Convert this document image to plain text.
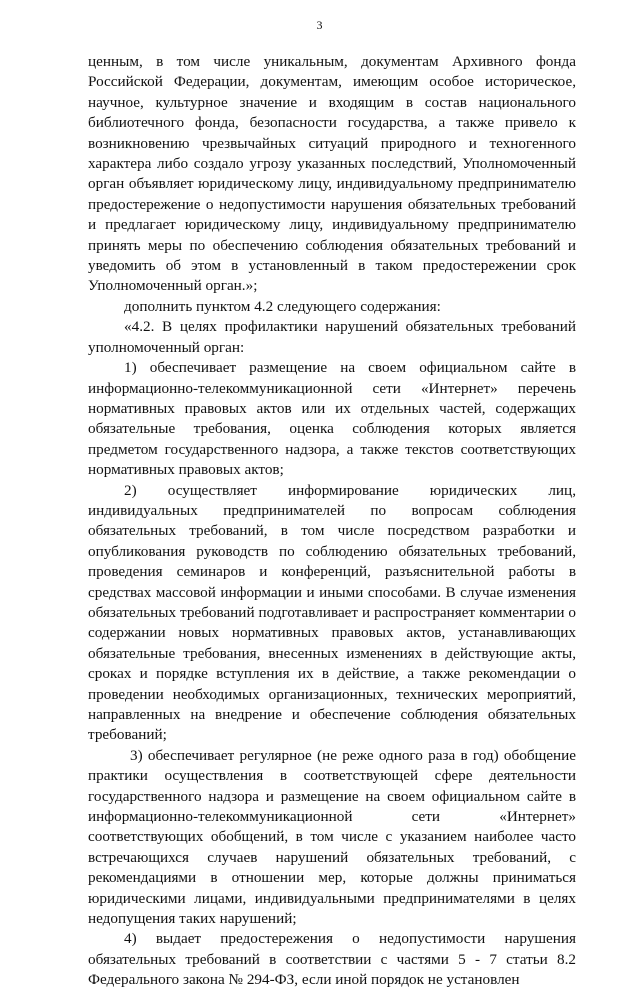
3

ценным, в том числе уникальным, документам Архивного фонда Российской Федерации, документам, имеющим особое историческое, научное, культурное значение и входящим в состав национального библиотечного фонда, безопасности государства, а также привело к возникновению чрезвычайных ситуаций природного и техногенного характера либо создало угрозу указанных последствий, Уполномоченный орган объявляет юридическому лицу, индивидуальному предпринимателю предостережение о недопустимости нарушения обязательных требований и предлагает юридическому лицу, индивидуальному предпринимателю принять меры по обеспечению соблюдения обязательных требований и уведомить об этом в установленный в таком предостережении срок Уполномоченный орган.»;

дополнить пунктом 4.2 следующего содержания:

«4.2. В целях профилактики нарушений обязательных требований уполномоченный орган:

1) обеспечивает размещение на своем официальном сайте в информационно-телекоммуникационной сети «Интернет» перечень нормативных правовых актов или их отдельных частей, содержащих обязательные требования, оценка соблюдения которых является предметом государственного надзора, а также текстов соответствующих нормативных правовых актов;

2) осуществляет информирование юридических лиц, индивидуальных предпринимателей по вопросам соблюдения обязательных требований, в том числе посредством разработки и опубликования руководств по соблюдению обязательных требований, проведения семинаров и конференций, разъяснительной работы в средствах массовой информации и иными способами. В случае изменения обязательных требований подготавливает и распространяет комментарии о содержании новых нормативных правовых актов, устанавливающих обязательные требования, внесенных изменениях в действующие акты, сроках и порядке вступления их в действие, а также рекомендации о проведении необходимых организационных, технических мероприятий, направленных на внедрение и обеспечение соблюдения обязательных требований;

3) обеспечивает регулярное (не реже одного раза в год) обобщение практики осуществления в соответствующей сфере деятельности государственного надзора и размещение на своем официальном сайте в информационно-телекоммуникационной сети «Интернет» соответствующих обобщений, в том числе с указанием наиболее часто встречающихся случаев нарушений обязательных требований, с рекомендациями в отношении мер, которые должны приниматься юридическими лицами, индивидуальными предпринимателями в целях недопущения таких нарушений;

4) выдает предостережения о недопустимости нарушения обязательных требований в соответствии с частями 5 - 7 статьи 8.2 Федерального закона № 294-ФЗ, если иной порядок не установлен
